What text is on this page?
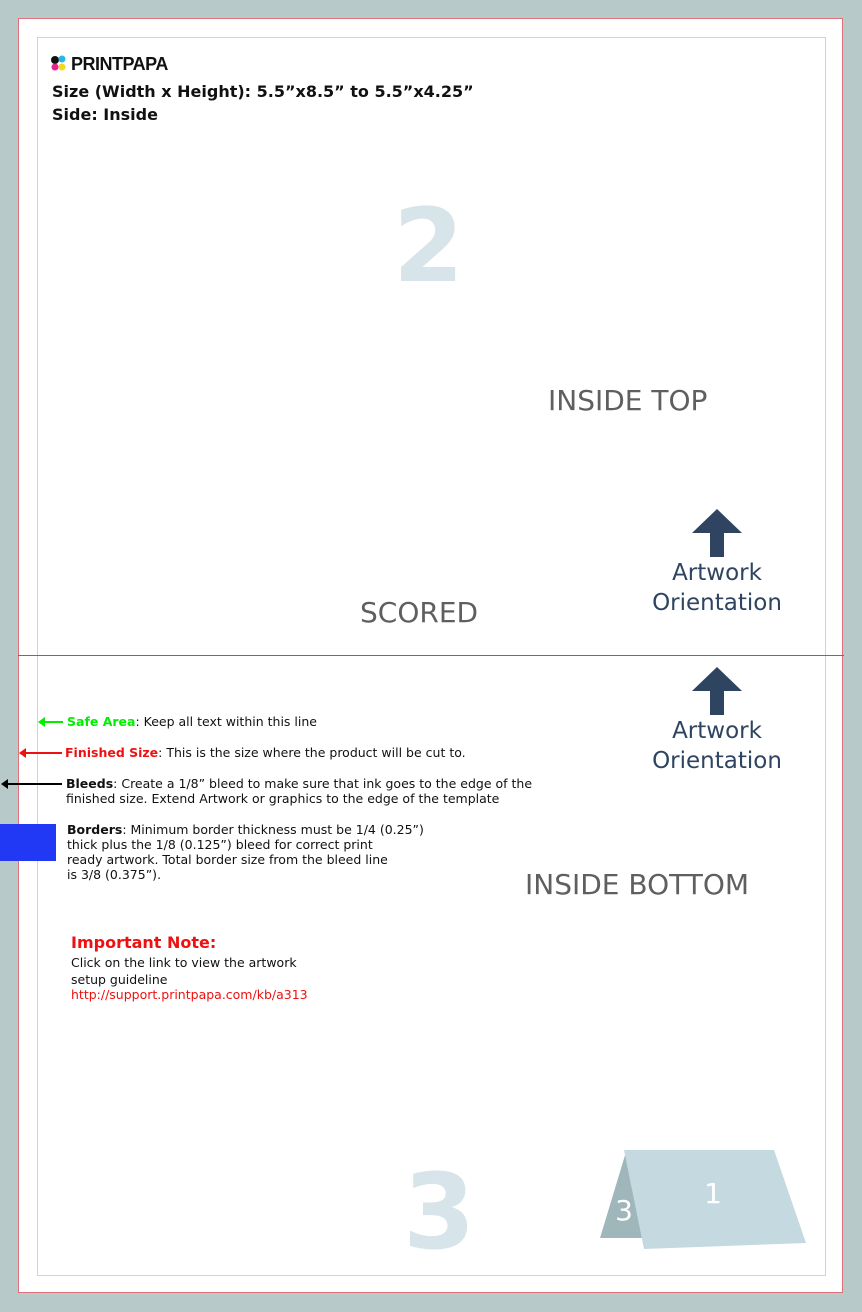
PRINTPAPA
Size (Width x Height): 5.5”x8.5” to 5.5”x4.25”
Side: Inside
2
INSIDE TOP
SCORED
Artwork
Orientation
Artwork
Orientation
Safe Area: Keep all text within this line
Finished Size: This is the size where the product will be cut to.
Bleeds: Create a 1/8” bleed to make sure that ink goes to the edge of the
finished size. Extend Artwork or graphics to the edge of the template
Borders: Minimum border thickness must be 1/4 (0.25”)
thick plus the 1/8 (0.125”) bleed for correct print
ready artwork. Total border size from the bleed line
is 3/8 (0.375”).	INSIDE BOTTOM
Important Note:
Click on the link to view the artwork
setup guideline
http://support.printpapa.com/kb/a313
3	3
1
